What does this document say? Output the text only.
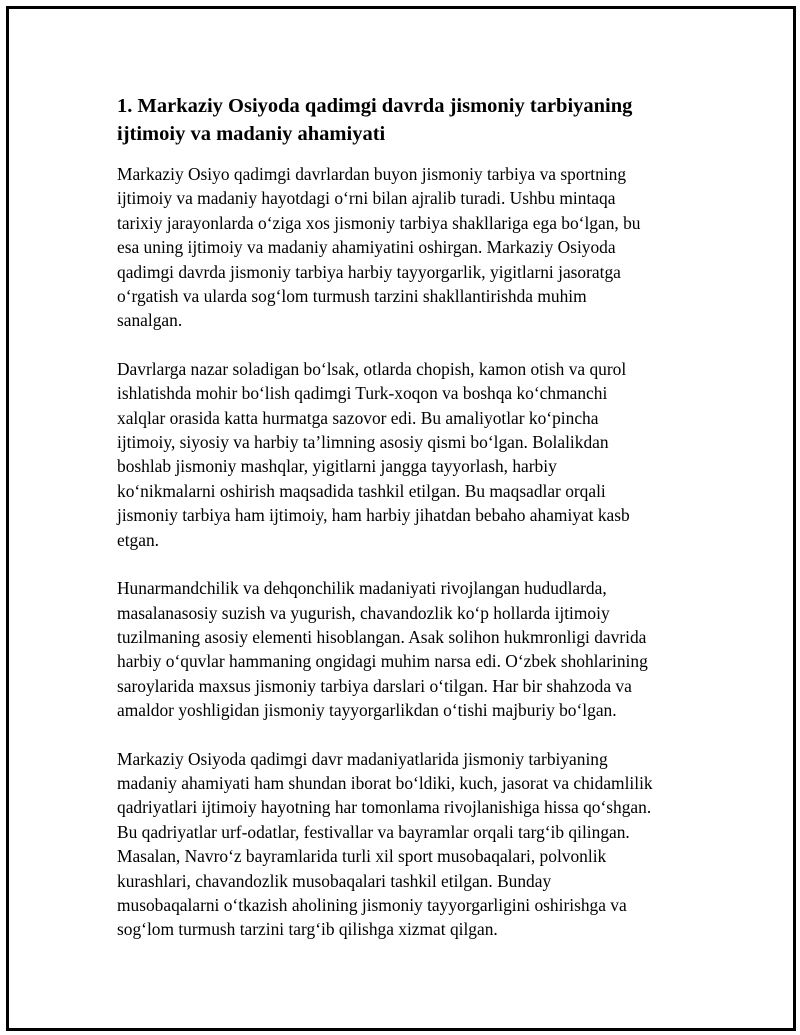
1. Markaziy Osiyoda qadimgi davrda jismoniy tarbiyaning
ijtimoiy va madaniy ahamiyati

Markaziy Osiyo qadimgi davrlardan buyon jismoniy tarbiya va sportning
ijtimoiy va madaniy hayotdagi o‘rni bilan ajralib turadi. Ushbu mintaqa
tarixiy jarayonlarda o‘ziga xos jismoniy tarbiya shakllariga ega bo‘lgan, bu
esa uning ijtimoiy va madaniy ahamiyatini oshirgan. Markaziy Osiyoda
qadimgi davrda jismoniy tarbiya harbiy tayyorgarlik, yigitlarni jasoratga
o‘rgatish va ularda sog‘lom turmush tarzini shakllantirishda muhim
sanalgan.

Davrlarga nazar soladigan bo‘lsak, otlarda chopish, kamon otish va qurol
ishlatishda mohir bo‘lish qadimgi Turk-xoqon va boshqa ko‘chmanchi
xalqlar orasida katta hurmatga sazovor edi. Bu amaliyotlar ko‘pincha
ijtimoiy, siyosiy va harbiy ta’limning asosiy qismi bo‘lgan. Bolalikdan
boshlab jismoniy mashqlar, yigitlarni jangga tayyorlash, harbiy
ko‘nikmalarni oshirish maqsadida tashkil etilgan. Bu maqsadlar orqali
jismoniy tarbiya ham ijtimoiy, ham harbiy jihatdan bebaho ahamiyat kasb
etgan.

Hunarmandchilik va dehqonchilik madaniyati rivojlangan hududlarda,
masalanasosiy suzish va yugurish, chavandozlik ko‘p hollarda ijtimoiy
tuzilmaning asosiy elementi hisoblangan. Asak solihon hukmronligi davrida
harbiy o‘quvlar hammaning ongidagi muhim narsa edi. O‘zbek shohlarining
saroylarida maxsus jismoniy tarbiya darslari o‘tilgan. Har bir shahzoda va
amaldor yoshligidan jismoniy tayyorgarlikdan o‘tishi majburiy bo‘lgan.

Markaziy Osiyoda qadimgi davr madaniyatlarida jismoniy tarbiyaning
madaniy ahamiyati ham shundan iborat bo‘ldiki, kuch, jasorat va chidamlilik
qadriyatlari ijtimoiy hayotning har tomonlama rivojlanishiga hissa qo‘shgan.
Bu qadriyatlar urf-odatlar, festivallar va bayramlar orqali targ‘ib qilingan.
Masalan, Navro‘z bayramlarida turli xil sport musobaqalari, polvonlik
kurashlari, chavandozlik musobaqalari tashkil etilgan. Bunday
musobaqalarni o‘tkazish aholining jismoniy tayyorgarligini oshirishga va
sog‘lom turmush tarzini targ‘ib qilishga xizmat qilgan.
